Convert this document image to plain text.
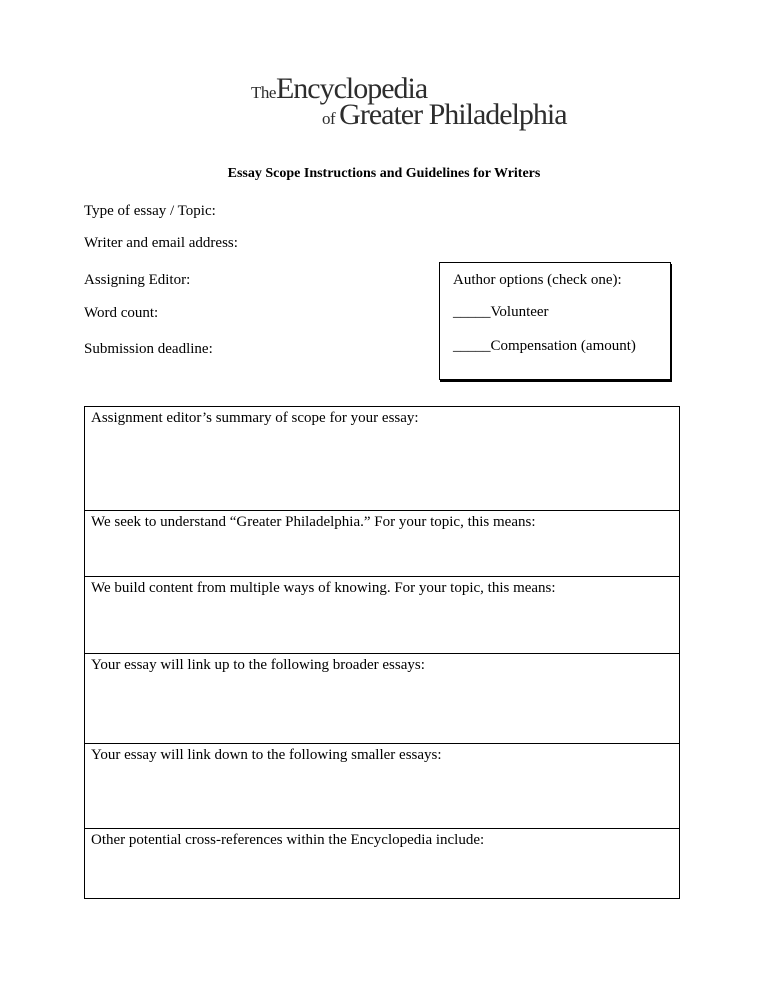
TheEncyclopedia
of Greater Philadelphia
Essay Scope Instructions and Guidelines for Writers
Type of essay / Topic:
Writer and email address:
Assigning Editor:
Word count:
Submission deadline:
Author options (check one):
_____Volunteer
_____Compensation (amount)
Assignment editor’s summary of scope for your essay:
We seek to understand “Greater Philadelphia.” For your topic, this means:
We build content from multiple ways of knowing. For your topic, this means:
Your essay will link up to the following broader essays:
Your essay will link down to the following smaller essays:
Other potential cross-references within the Encyclopedia include:
